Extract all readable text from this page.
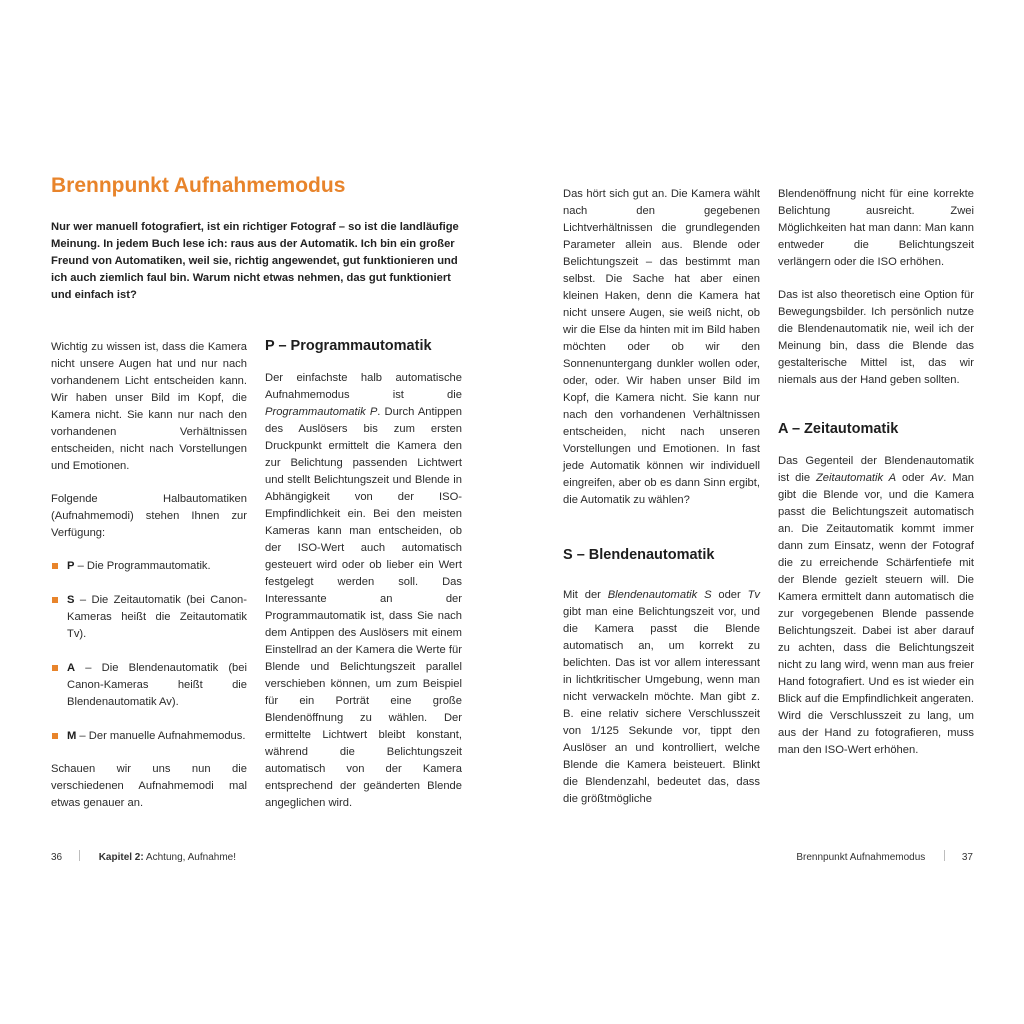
Brennpunkt Aufnahmemodus

Nur wer manuell fotografiert, ist ein richtiger Fotograf – so ist die landläufige Meinung. In jedem Buch lese ich: raus aus der Automatik. Ich bin ein großer Freund von Automatiken, weil sie, richtig angewendet, gut funktionieren und ich auch ziemlich faul bin. Warum nicht etwas nehmen, das gut funktioniert und einfach ist?

Wichtig zu wissen ist, dass die Kamera nicht unsere Augen hat und nur nach vorhandenem Licht entscheiden kann. Wir haben unser Bild im Kopf, die Kamera nicht. Sie kann nur nach den vorhandenen Verhältnissen entscheiden, nicht nach Vorstellungen und Emotionen.

Folgende Halbautomatiken (Aufnahmemodi) stehen Ihnen zur Verfügung:

P – Die Programmautomatik.
S – Die Zeitautomatik (bei Canon-Kameras heißt die Zeitautomatik Tv).
A – Die Blendenautomatik (bei Canon-Kameras heißt die Blendenautomatik Av).
M – Der manuelle Aufnahmemodus.

Schauen wir uns nun die verschiedenen Aufnahmemodi mal etwas genauer an.

P – Programmautomatik

Der einfachste halb automatische Aufnahmemodus ist die Programmautomatik P. Durch Antippen des Auslösers bis zum ersten Druckpunkt ermittelt die Kamera den zur Belichtung passenden Lichtwert und stellt Belichtungszeit und Blende in Abhängigkeit von der ISO-Empfindlichkeit ein. Bei den meisten Kameras kann man entscheiden, ob der ISO-Wert auch automatisch gesteuert wird oder ob lieber ein Wert festgelegt werden soll. Das Interessante an der Programmautomatik ist, dass Sie nach dem Antippen des Auslösers mit einem Einstellrad an der Kamera die Werte für Blende und Belichtungszeit parallel verschieben können, um zum Beispiel für ein Porträt eine große Blendenöffnung zu wählen. Der ermittelte Lichtwert bleibt konstant, während die Belichtungszeit automatisch von der Kamera entsprechend der geänderten Blende angeglichen wird.

Das hört sich gut an. Die Kamera wählt nach den gegebenen Lichtverhältnissen die grundlegenden Parameter allein aus. Blende oder Belichtungszeit – das bestimmt man selbst. Die Sache hat aber einen kleinen Haken, denn die Kamera hat nicht unsere Augen, sie weiß nicht, ob wir die Else da hinten mit im Bild haben möchten oder ob wir den Sonnenuntergang dunkler wollen oder, oder, oder. Wir haben unser Bild im Kopf, die Kamera nicht. Sie kann nur nach den vorhandenen Verhältnissen entscheiden, nicht nach unseren Vorstellungen und Emotionen. In fast jede Automatik können wir individuell eingreifen, aber ob es dann Sinn ergibt, die Automatik zu wählen?

S – Blendenautomatik

Mit der Blendenautomatik S oder Tv gibt man eine Belichtungszeit vor, und die Kamera passt die Blende automatisch an, um korrekt zu belichten. Das ist vor allem interessant in lichtkritischer Umgebung, wenn man nicht verwackeln möchte. Man gibt z. B. eine relativ sichere Verschlusszeit von 1/125 Sekunde vor, tippt den Auslöser an und kontrolliert, welche Blende die Kamera beisteuert. Blinkt die Blendenzahl, bedeutet das, dass die größtmögliche

Blendenöffnung nicht für eine korrekte Belichtung ausreicht. Zwei Möglichkeiten hat man dann: Man kann entweder die Belichtungszeit verlängern oder die ISO erhöhen.

Das ist also theoretisch eine Option für Bewegungsbilder. Ich persönlich nutze die Blendenautomatik nie, weil ich der Meinung bin, dass die Blende das gestalterische Mittel ist, das wir niemals aus der Hand geben sollten.

A – Zeitautomatik

Das Gegenteil der Blendenautomatik ist die Zeitautomatik A oder Av. Man gibt die Blende vor, und die Kamera passt die Belichtungszeit automatisch an. Die Zeitautomatik kommt immer dann zum Einsatz, wenn der Fotograf die zu erreichende Schärfentiefe mit der Blende gezielt steuern will. Die Kamera ermittelt dann automatisch die zur vorgegebenen Blende passende Belichtungszeit. Dabei ist aber darauf zu achten, dass die Belichtungszeit nicht zu lang wird, wenn man aus freier Hand fotografiert. Und es ist wieder ein Blick auf die Empfindlichkeit angeraten. Wird die Verschlusszeit zu lang, um aus der Hand zu fotografieren, muss man den ISO-Wert erhöhen.

36	Kapitel 2: Achtung, Aufnahme!	Brennpunkt Aufnahmemodus	37
